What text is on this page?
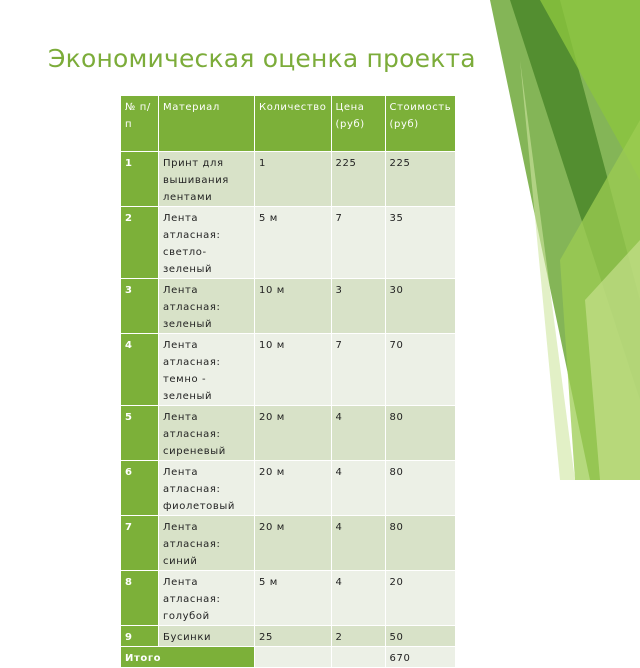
Экономическая оценка проекта
№ п/п	Материал	Количество	Цена (руб)	Стоимость (руб)
1	Принт для вышивания лентами	1	225	225
2	Лента атласная: светло-зеленый	5 м	7	35
3	Лента атласная: зеленый	10 м	3	30
4	Лента атласная: темно - зеленый	10 м	7	70
5	Лента атласная: сиреневый	20 м	4	80
6	Лента атласная: фиолетовый	20 м	4	80
7	Лента атласная: синий	20 м	4	80
8	Лента атласная: голубой	5 м	4	20
9	Бусинки	25	2	50
Итого				670
